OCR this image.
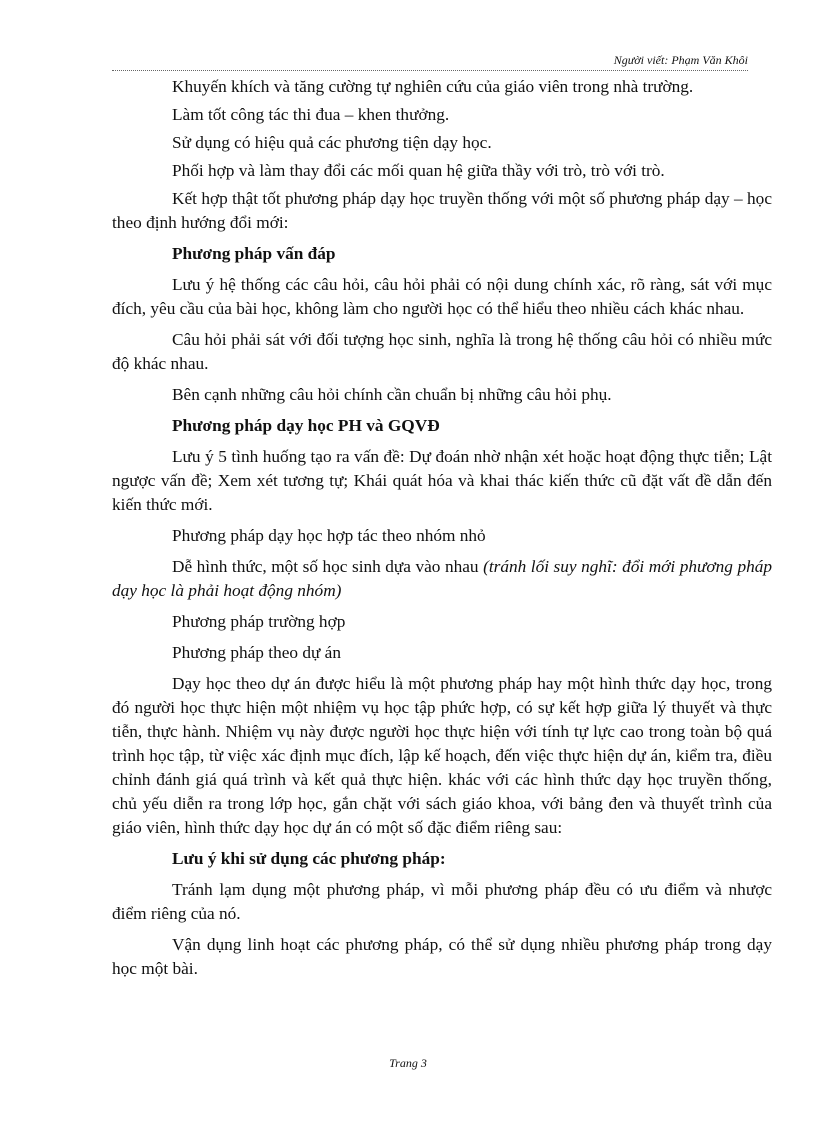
Người viết: Phạm Văn Khôi

Khuyến khích và tăng cường tự nghiên cứu của giáo viên trong nhà trường.

Làm tốt công tác thi đua – khen thưởng.

Sử dụng có hiệu quả các phương tiện dạy học.

Phối hợp và làm thay đổi các mối quan hệ giữa thầy với trò, trò với trò.

Kết hợp thật tốt phương pháp dạy học truyền thống với một số phương pháp dạy – học theo định hướng đổi mới:

Phương pháp vấn đáp

Lưu ý hệ thống các câu hỏi, câu hỏi phải có nội dung chính xác, rõ ràng, sát với mục đích, yêu cầu của bài học, không làm cho người học có thể hiểu theo nhiều cách khác nhau.

Câu hỏi phải sát với đối tượng học sinh, nghĩa là trong hệ thống câu hỏi có nhiều mức độ khác nhau.

Bên cạnh những câu hỏi chính cần chuẩn bị những câu hỏi phụ.

Phương pháp dạy học PH và GQVĐ

Lưu ý 5 tình huống tạo ra vấn đề: Dự đoán nhờ nhận xét hoặc hoạt động thực tiễn; Lật ngược vấn đề; Xem xét tương tự; Khái quát hóa và khai thác kiến thức cũ đặt vất đề dẫn đến kiến thức mới.

Phương pháp dạy học hợp tác theo nhóm nhỏ

Dễ hình thức, một số học sinh dựa vào nhau (tránh lối suy nghĩ: đổi mới phương pháp dạy học là phải hoạt động nhóm)

Phương pháp trường hợp

Phương pháp theo dự án

Dạy học theo dự án được hiểu là một phương pháp hay một hình thức dạy học, trong đó người học thực hiện một nhiệm vụ học tập phức hợp, có sự kết hợp giữa lý thuyết và thực tiễn, thực hành. Nhiệm vụ này được người học thực hiện với tính tự lực cao trong toàn bộ quá trình học tập, từ việc xác định mục đích, lập kế hoạch, đến việc thực hiện dự án, kiểm tra, điều chỉnh đánh giá quá trình và kết quả thực hiện. khác với các hình thức dạy học truyền thống, chủ yếu diễn ra trong lớp học, gắn chặt với sách giáo khoa, với bảng đen và thuyết trình của giáo viên, hình thức dạy học dự án có một số đặc điểm riêng sau:

Lưu ý khi sử dụng các phương pháp:

Tránh lạm dụng một phương pháp, vì mỗi phương pháp đều có ưu điểm và nhược điểm riêng của nó.

Vận dụng linh hoạt các phương pháp, có thể sử dụng nhiều phương pháp trong dạy học một bài.

Trang 3
